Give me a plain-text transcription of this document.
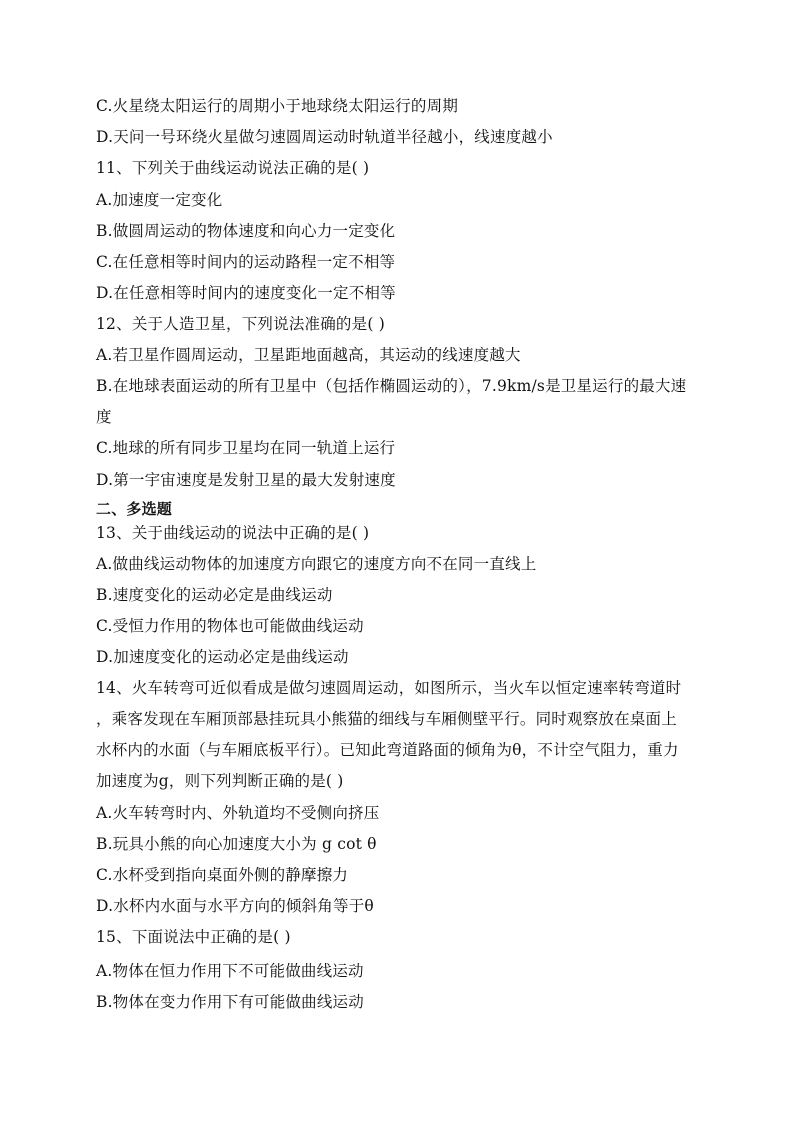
C.火星绕太阳运行的周期小于地球绕太阳运行的周期
D.天问一号环绕火星做匀速圆周运动时轨道半径越小，线速度越小
11、下列关于曲线运动说法正确的是( )
A.加速度一定变化
B.做圆周运动的物体速度和向心力一定变化
C.在任意相等时间内的运动路程一定不相等
D.在任意相等时间内的速度变化一定不相等
12、关于人造卫星，下列说法准确的是( )
A.若卫星作圆周运动，卫星距地面越高，其运动的线速度越大
B.在地球表面运动的所有卫星中（包括作椭圆运动的），7.9km/s是卫星运行的最大速
度
C.地球的所有同步卫星均在同一轨道上运行
D.第一宇宙速度是发射卫星的最大发射速度
二、多选题
13、关于曲线运动的说法中正确的是( )
A.做曲线运动物体的加速度方向跟它的速度方向不在同一直线上
B.速度变化的运动必定是曲线运动
C.受恒力作用的物体也可能做曲线运动
D.加速度变化的运动必定是曲线运动
14、火车转弯可近似看成是做匀速圆周运动，如图所示，当火车以恒定速率转弯道时
，乘客发现在车厢顶部悬挂玩具小熊猫的细线与车厢侧壁平行。同时观察放在桌面上
水杯内的水面（与车厢底板平行）。已知此弯道路面的倾角为θ，不计空气阻力，重力
加速度为g，则下列判断正确的是( )
A.火车转弯时内、外轨道均不受侧向挤压
B.玩具小熊的向心加速度大小为 g cot θ
C.水杯受到指向桌面外侧的静摩擦力
D.水杯内水面与水平方向的倾斜角等于θ
15、下面说法中正确的是( )
A.物体在恒力作用下不可能做曲线运动
B.物体在变力作用下有可能做曲线运动
